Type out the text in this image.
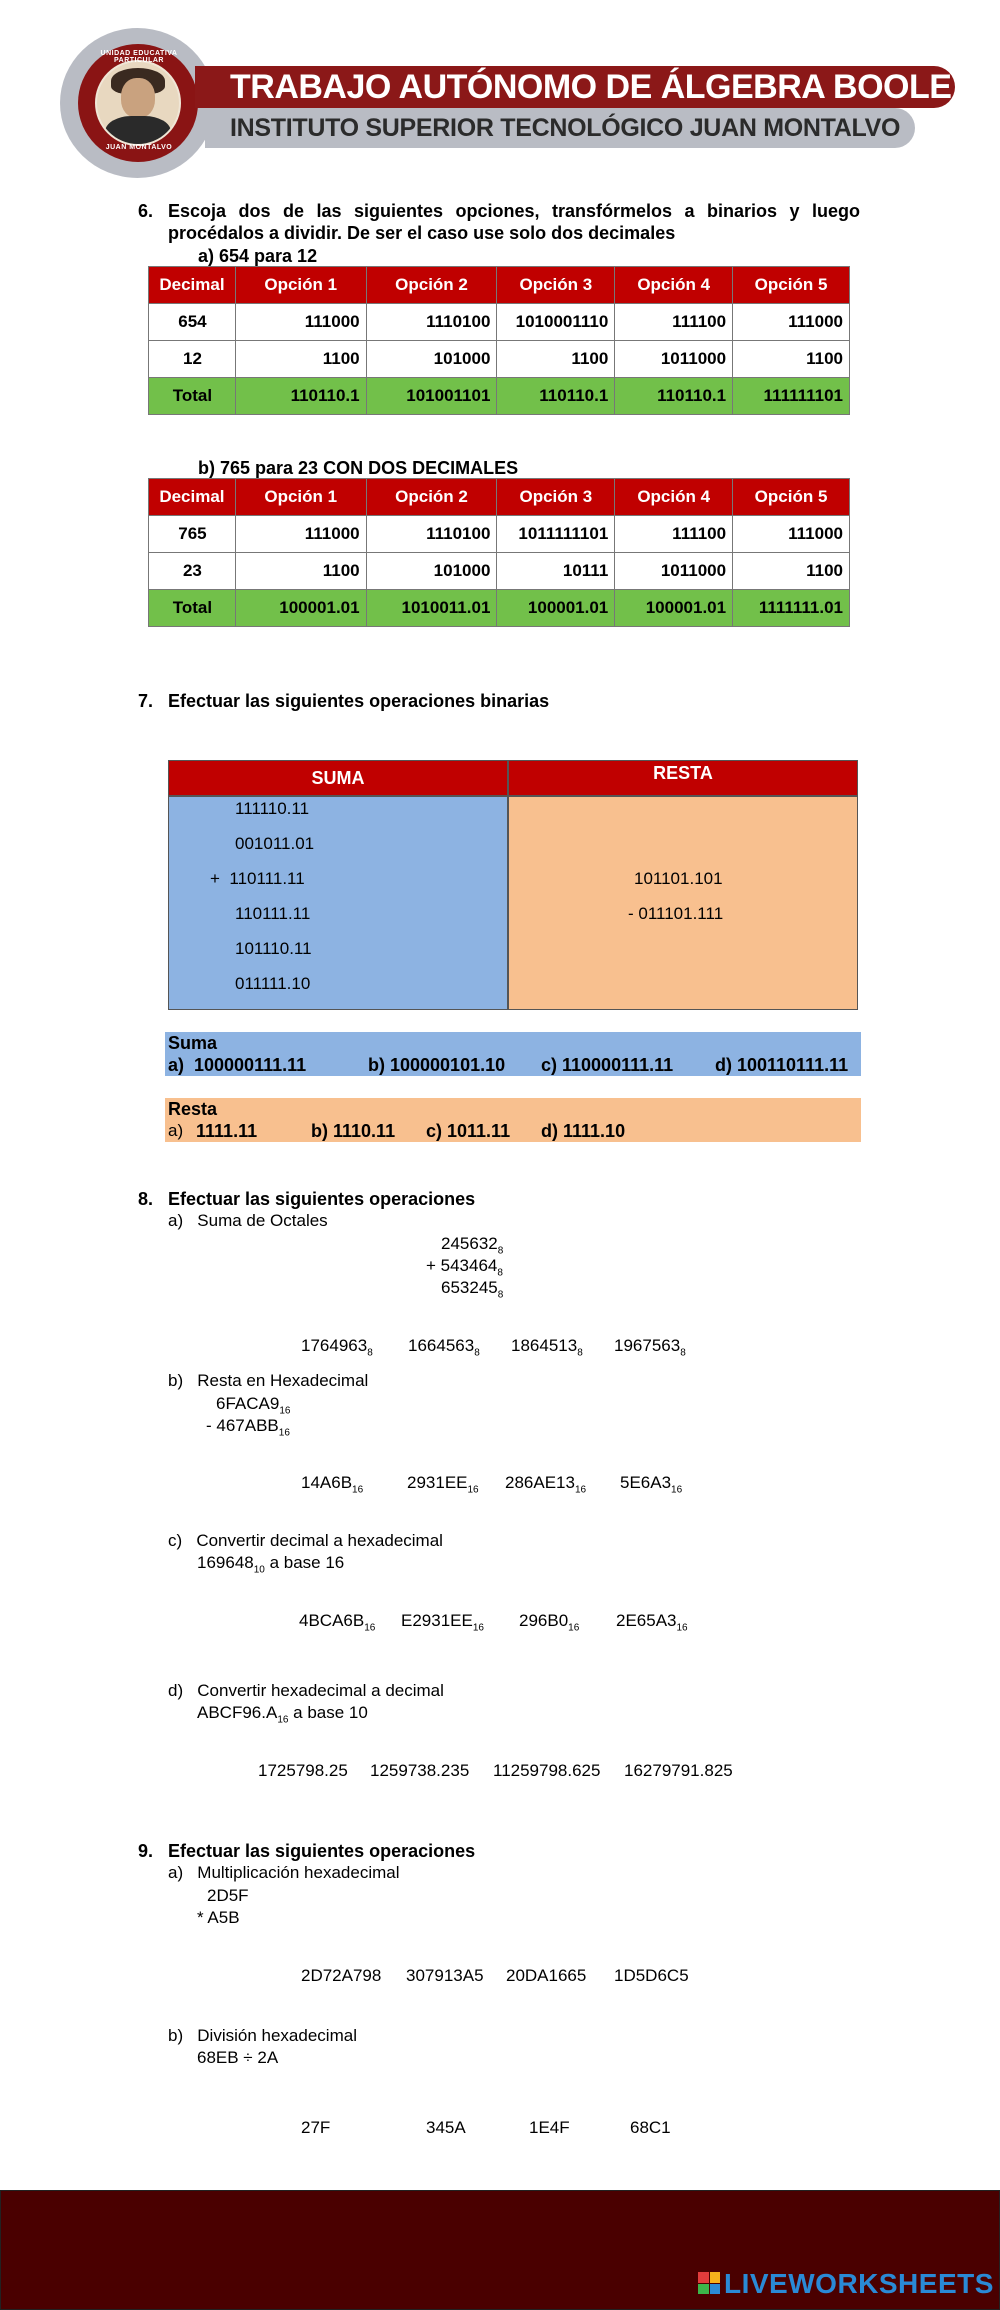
UNIDAD EDUCATIVA PARTICULAR
JUAN MONTALVO
TRABAJO AUTÓNOMO DE ÁLGEBRA BOOLE
INSTITUTO SUPERIOR TECNOLÓGICO JUAN MONTALVO
6. Escoja dos de las siguientes opciones, transfórmelos a binarios y luego
procédalos a dividir. De ser el caso use solo dos decimales
a) 654 para 12
Decimal	Opción 1	Opción 2	Opción 3	Opción 4	Opción 5
654	111000	1110100	1010001110	111100	111000
12	1100	101000	1100	1011000	1100
Total	110110.1	101001101	110110.1	110110.1	111111101
b) 765 para 23 CON DOS DECIMALES
Decimal	Opción 1	Opción 2	Opción 3	Opción 4	Opción 5
765	111000	1110100	1011111101	111100	111000
23	1100	101000	10111	1011000	1100
Total	100001.01	1010011.01	100001.01	100001.01	1111111.01
7. Efectuar las siguientes operaciones binarias
SUMA	RESTA
111110.11
001011.01
+  110111.11
110111.11
101110.11
011111.10
101101.101
- 011101.111
Suma
a)  100000111.11	b) 100000101.10 c) 110000111.11 d) 100110111.11
Resta
a) 1111.11	b) 1110.11 c) 1011.11 d) 1111.10
8. Efectuar las siguientes operaciones
a)   Suma de Octales
$245632_8$
+ $543464_8$
$653245_8$
$1764963_8$ $1664563_8$ $1864513_8$ $1967563_8$
b)   Resta en Hexadecimal
$6FACA9_{16}$
- $467ABB_{16}$
$14A6B_{16}$	$2931EE_{16}$ $286AE13_{16}$ $5E6A3_{16}$
c)   Convertir decimal a hexadecimal
$169648_{10}$ a base 16
$4BCA6B_{16}$ $E2931EE_{16}$ $296B0_{16}$ $2E65A3_{16}$
d)   Convertir hexadecimal a decimal
$ABCF96.A_{16}$ a base 10
1725798.25 1259738.235 11259798.625 16279791.825
9. Efectuar las siguientes operaciones
a)   Multiplicación hexadecimal
2D5F
* A5B
2D72A798 307913A5 20DA1665 1D5D6C5
b)   División hexadecimal
68EB ÷ 2A
27F	345A	1E4F	68C1
LIVEWORKSHEETS
